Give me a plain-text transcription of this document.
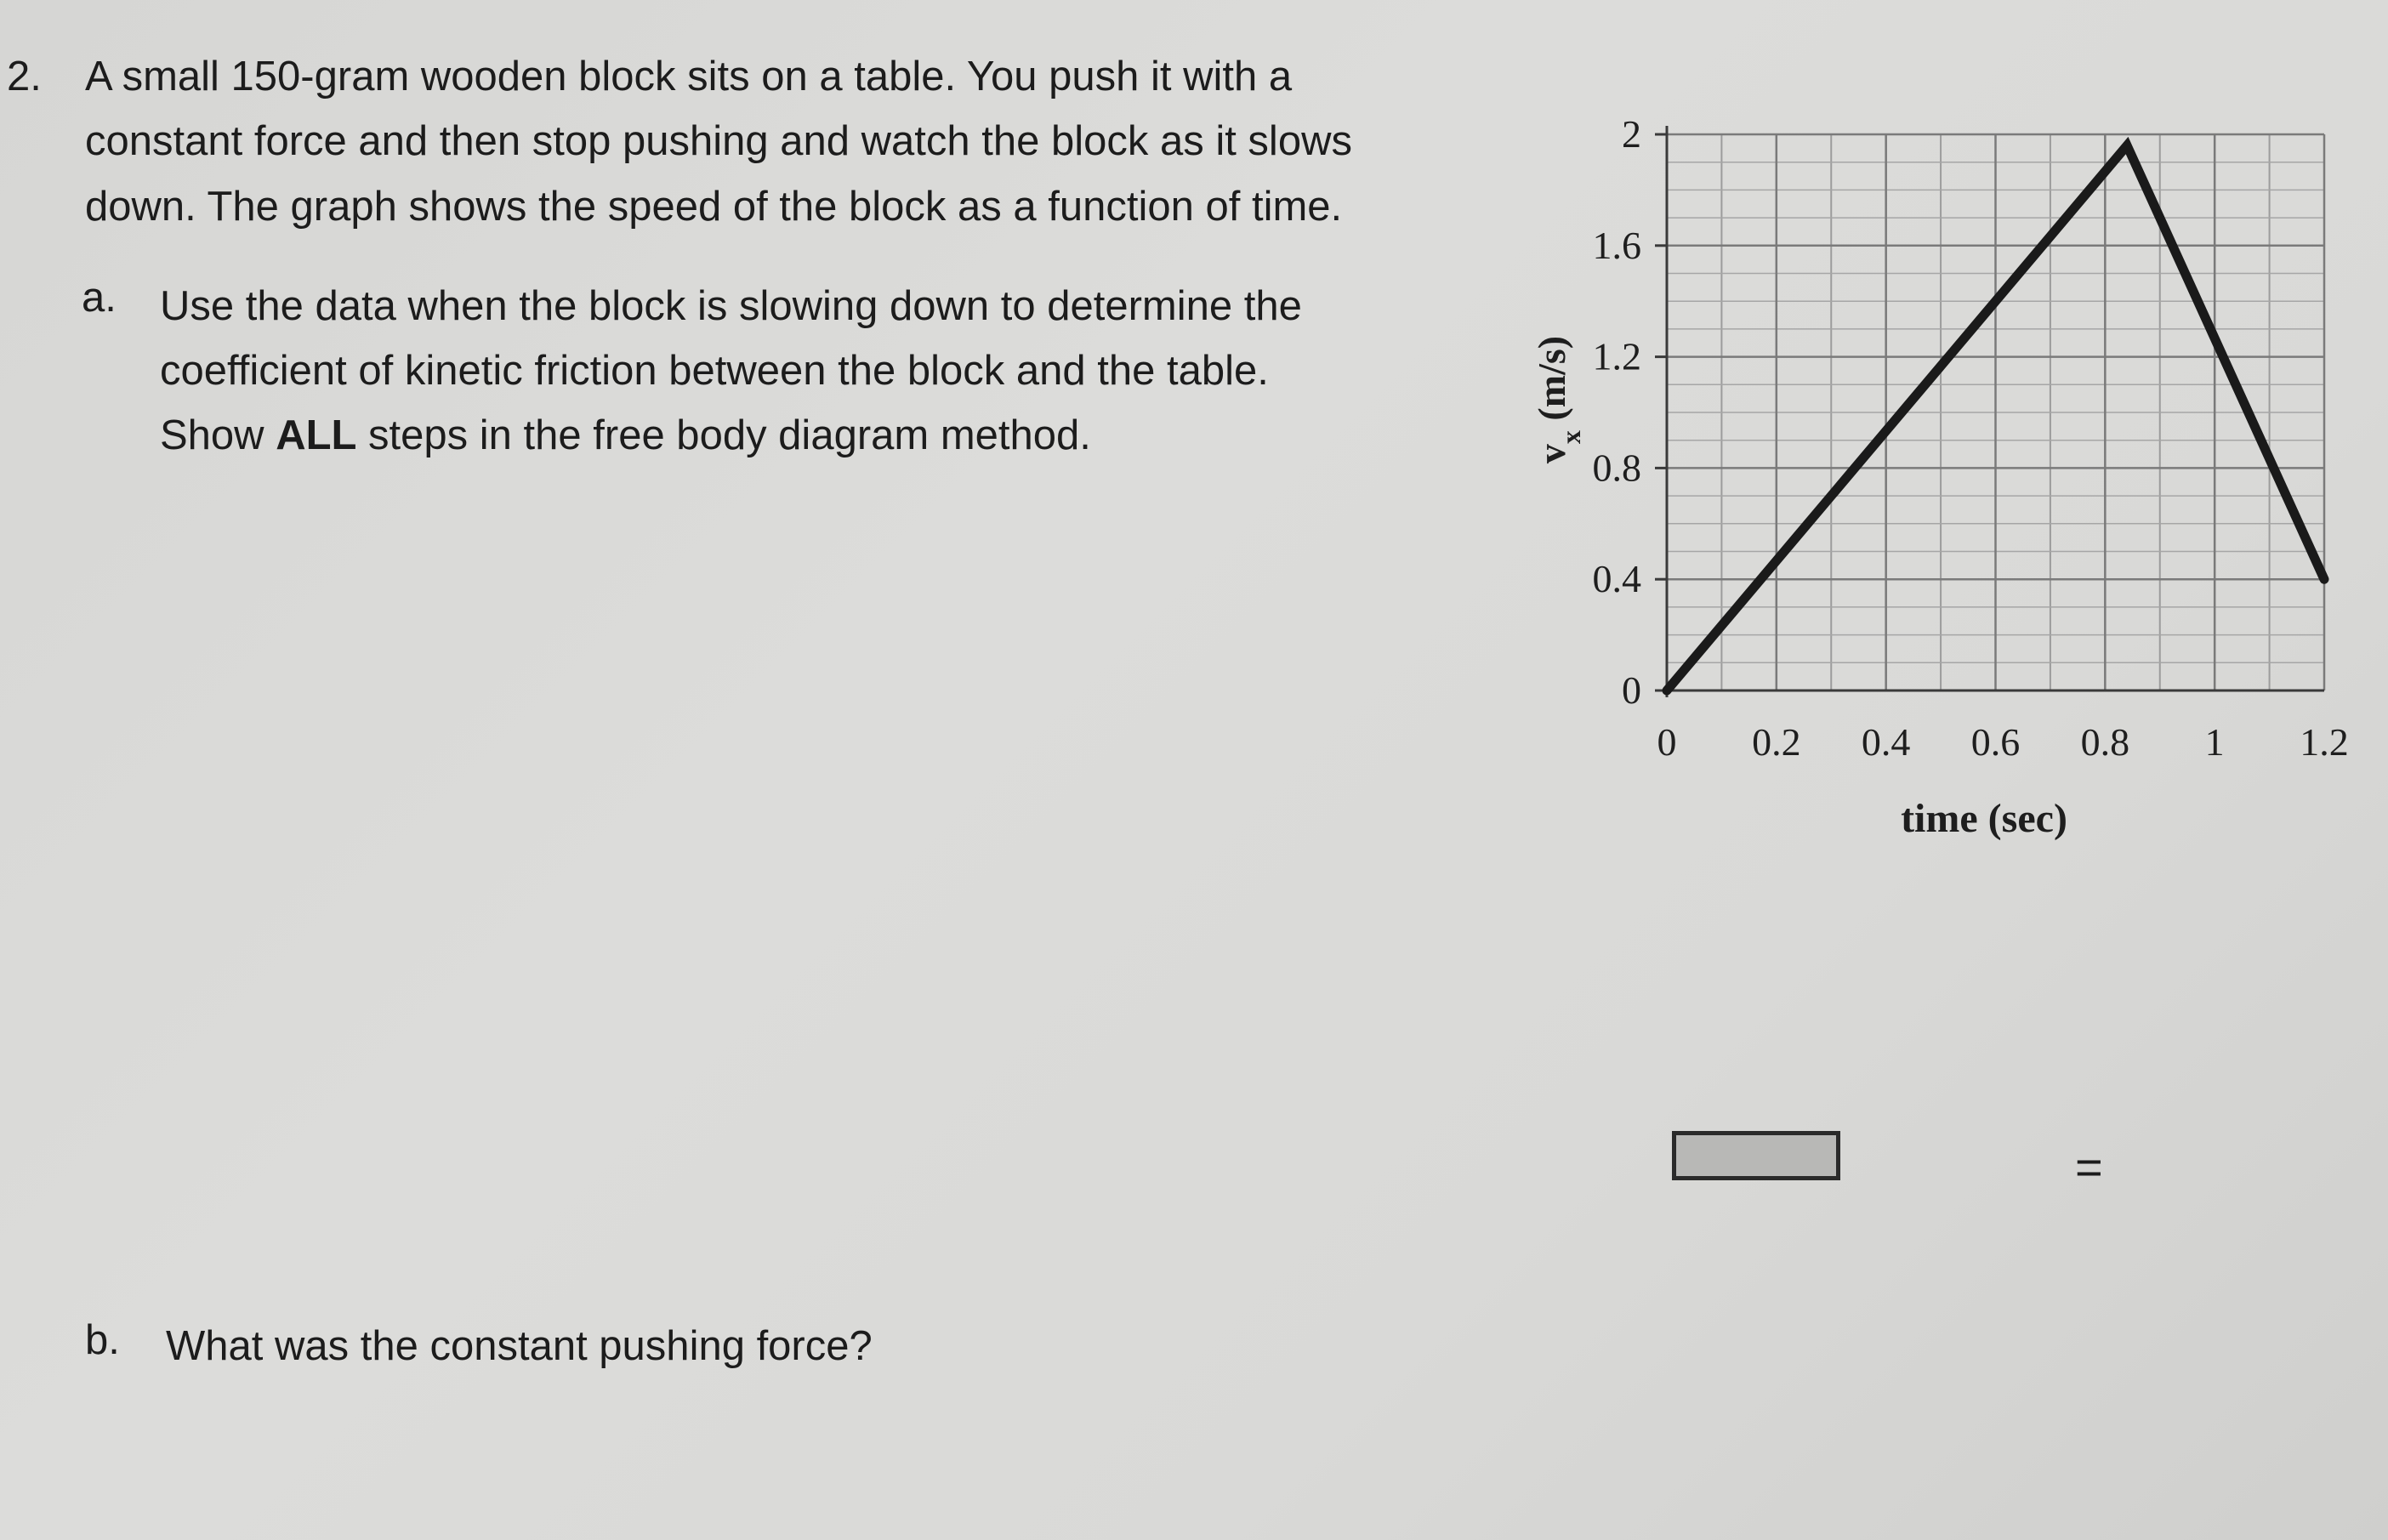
2. A small 150-gram wooden block sits on a table. You push it with a
constant force and then stop pushing and watch the block as it slows
down. The graph shows the speed of the block as a function of time.
a. Use the data when the block is slowing down to determine the
coefficient of kinetic friction between the block and the table.
Show ALL steps in the free body diagram method.
b. What was the constant pushing force?
=
0
0.4
0.8
1.2
1.6
2
0 0.2 0.4 0.6 0.8 1 1.2
time (sec)
$v_x$ (m/s)
